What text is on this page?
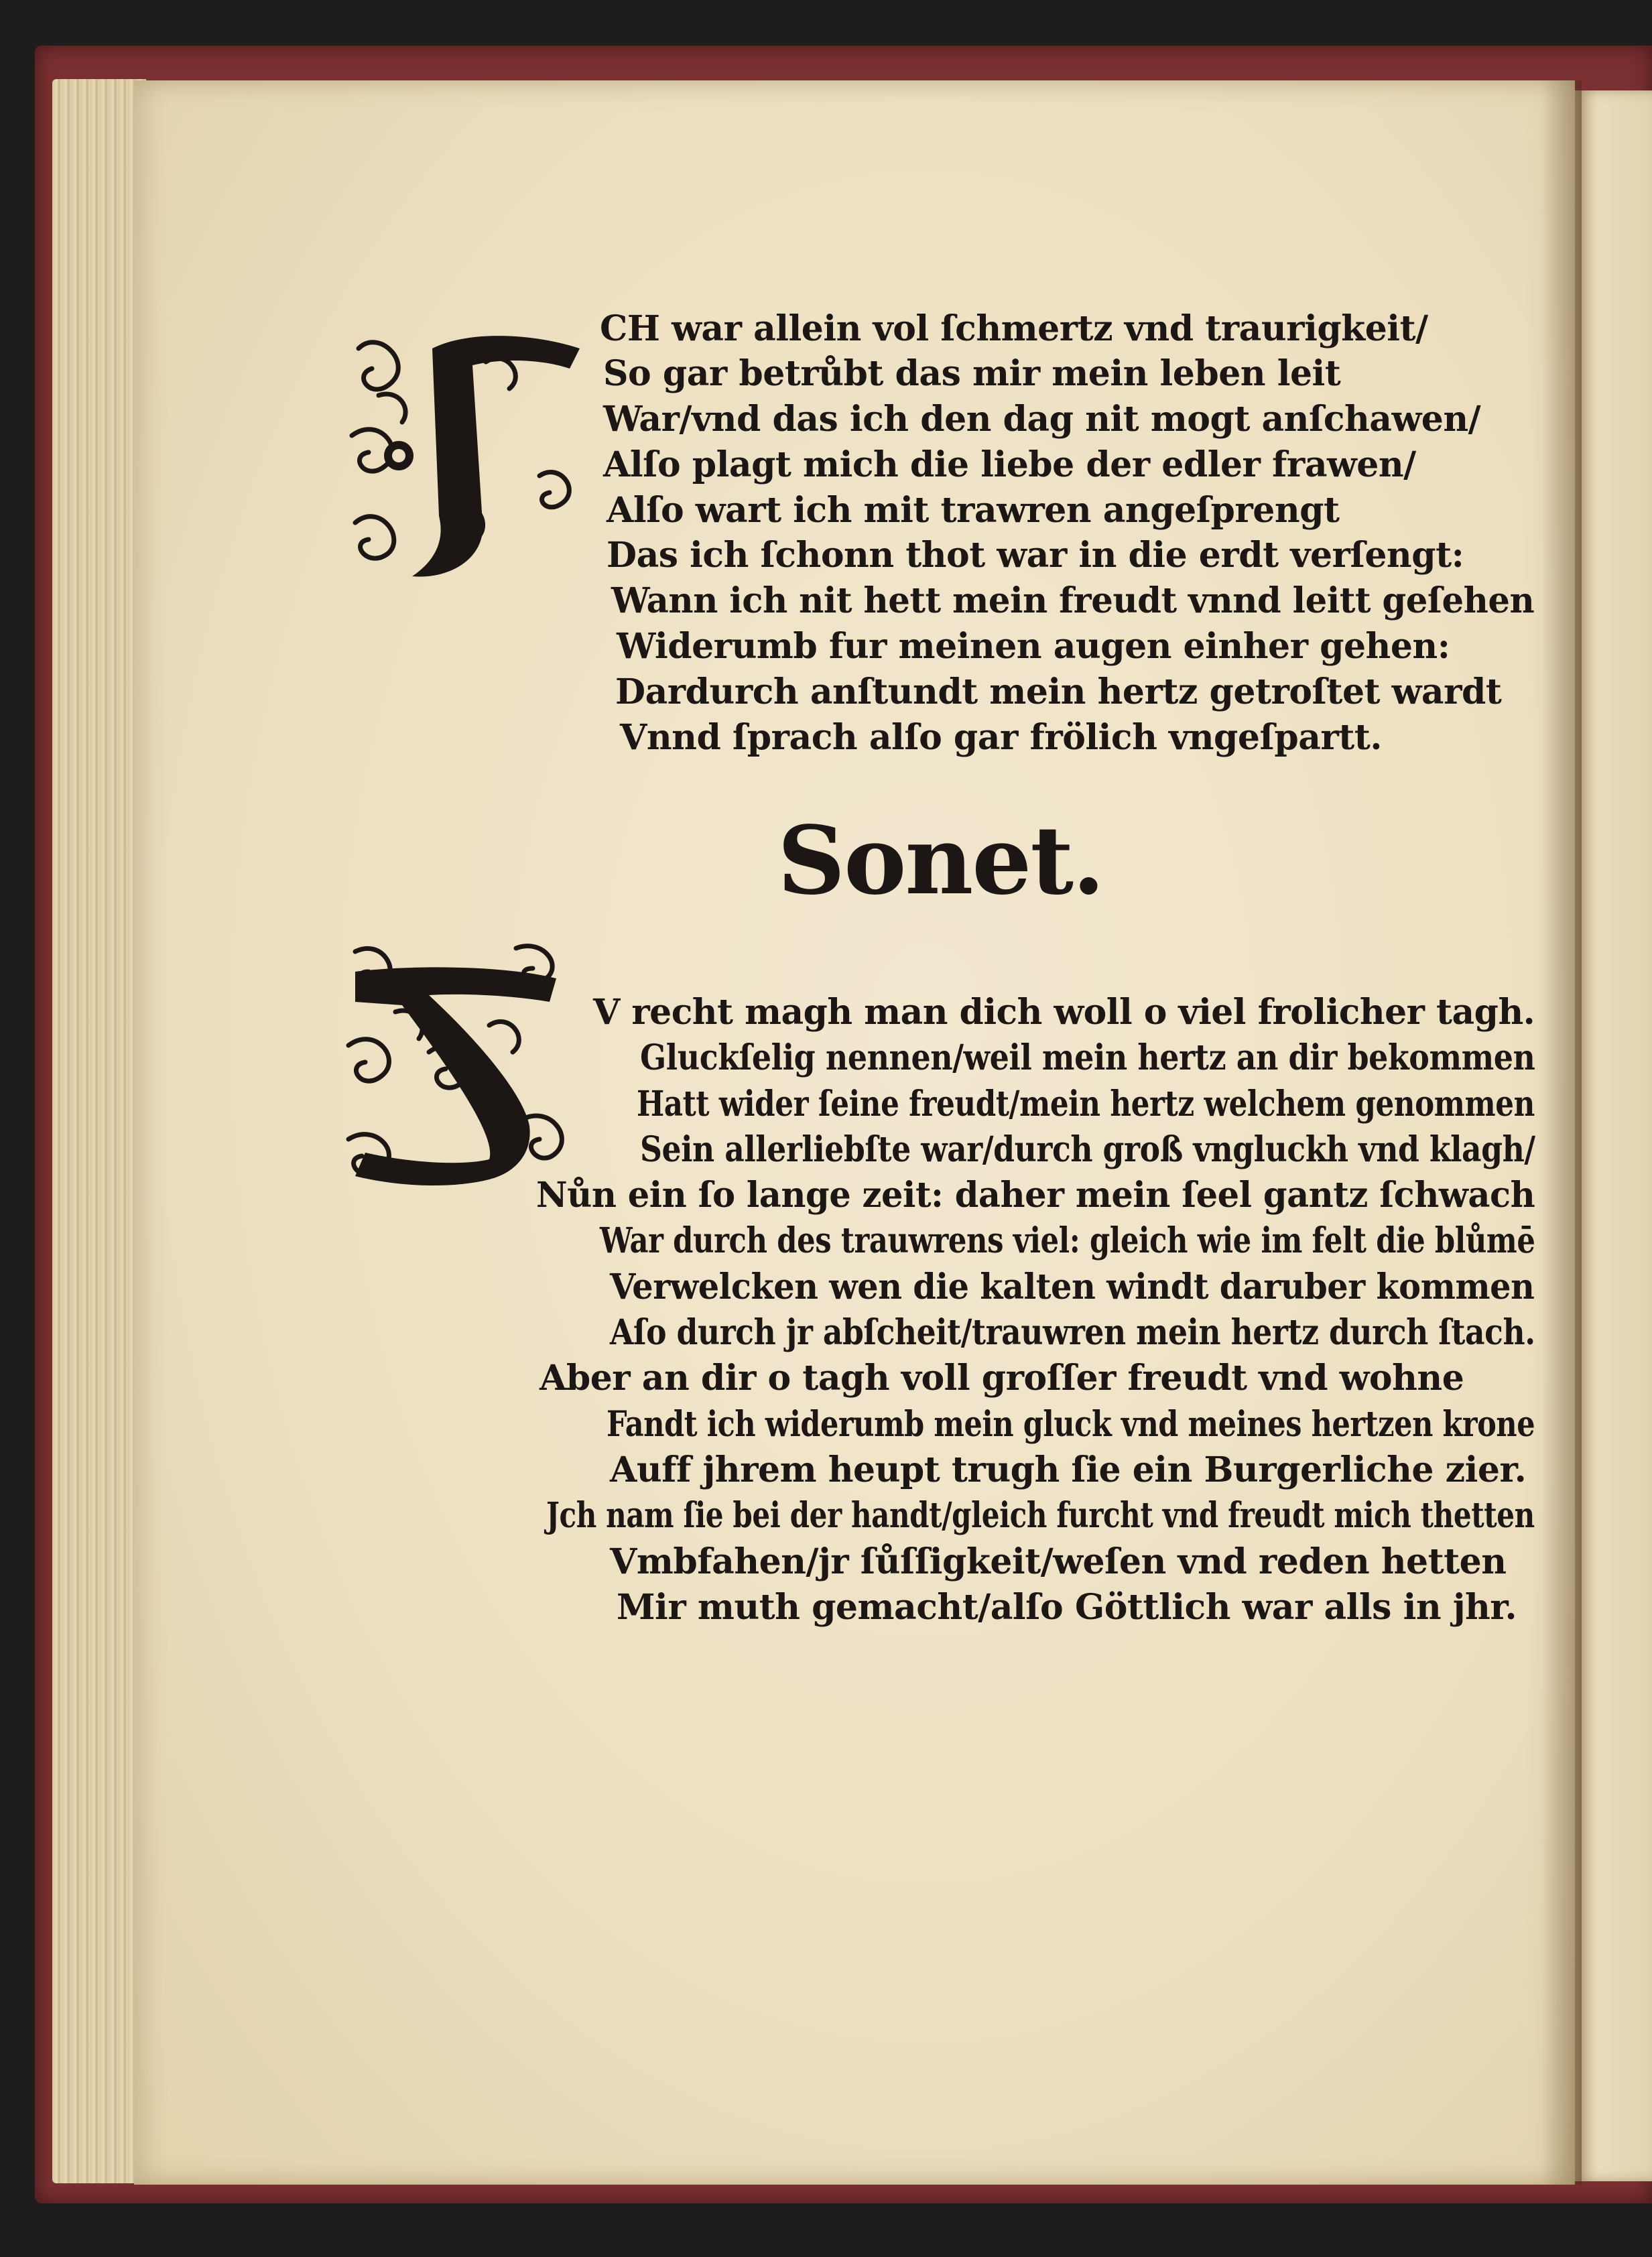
CH war allein vol ſchmertz vnd traurigkeit/

So gar betrůbt das mir mein leben leit

War/vnd das ich den dag nit mogt anſchawen/

Alſo plagt mich die liebe der edler frawen/

Alſo wart ich mit trawren angeſprengt

Das ich ſchonn thot war in die erdt verſengt:

Wann ich nit hett mein freudt vnnd leitt geſehen

Widerumb fur meinen augen einher gehen:

Dardurch anſtundt mein hertz getroſtet wardt

Vnnd ſprach alſo gar frölich vngeſpartt.

Sonet.

V recht magh man dich woll o viel frolicher tagh.

Gluckſelig nennen/weil mein hertz an dir bekommen

Hatt wider ſeine freudt/mein hertz welchem genommen

Sein allerliebſte war/durch groß vngluckh vnd klagh/

Nůn ein ſo lange zeit: daher mein ſeel gantz ſchwach

War durch des trauwrens viel: gleich wie im felt die blůmē

Verwelcken wen die kalten windt daruber kommen

Aſo durch jr abſcheit/trauwren mein hertz durch ſtach.

Aber an dir o tagh voll groſſer freudt vnd wohne

Fandt ich widerumb mein gluck vnd meines hertzen krone

Auff jhrem heupt trugh ſie ein Burgerliche zier.

Jch nam ſie bei der handt/gleich furcht vnd freudt mich thetten

Vmbfahen/jr ſůſſigkeit/weſen vnd reden hetten

Mir muth gemacht/alſo Göttlich war alls in jhr.
